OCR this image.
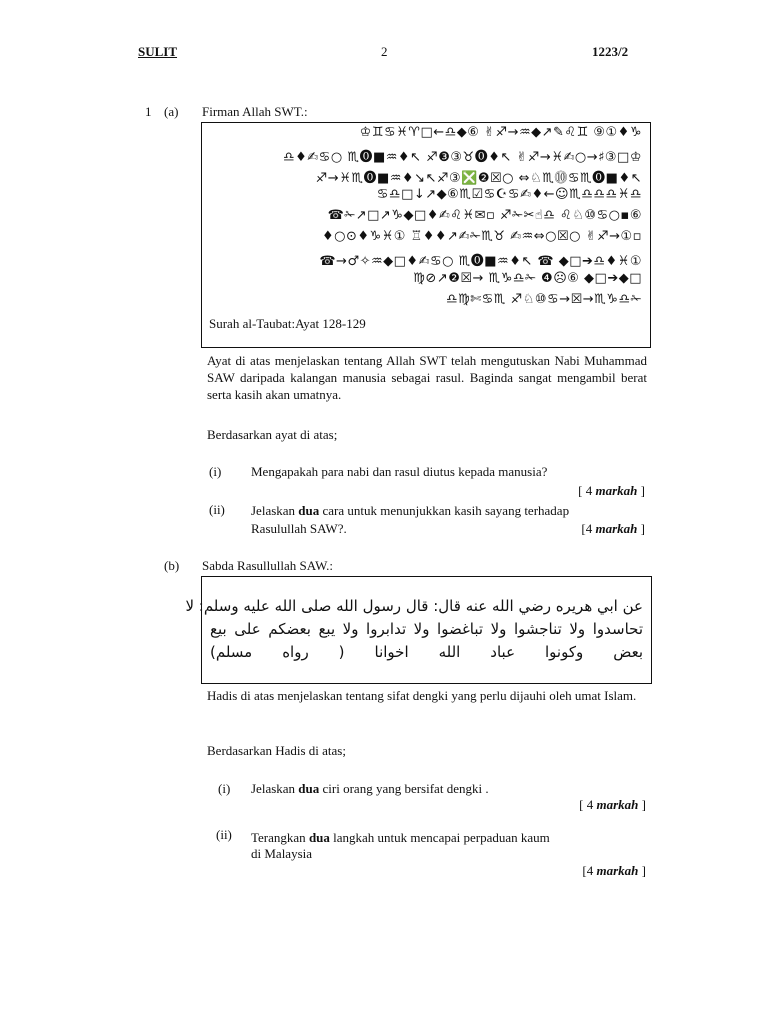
SULIT	2	1223/2
1 (a) Firman Allah SWT.:
♔♊♋♓♈□←♎◆⑥ ✌♐→♒◆↗✎♌♊ ⑨①♦♑
♎♦✍♋○ ♏⓿■♒♦↖ ♐❸③♉⓿♦↖ ✌♐→♓✍○→♯③□♔
♐→♓♏⓿■♒♦↘↖♐③❎❷☒○ ⇔♘♏⓾♋♏⓿■♦↖
♋♎□↓↗◆⑥♏☑♋☪♋✍♦←☺♏♎♎♎♓♎
☎✁↗□↗♑◆□♦✍♌♓✉▫ ♐✁✂☝♎ ♌♘⑩♋○▪⑥
♦○⊙♦♑♓① ♖♦♦↗✍✁♏♉ ✍♒⇔○☒○ ✌♐→①▫
☎→♂✧♒◆□♦✍♋○ ♏⓿■♒♦↖ ☎ ◆□➔♎♦♓①
♍⊘↗❷☒→ ♏♑♎✁ ❹☹⑥ ◆□➔◆□
♎♍✄♋♏ ♐♘⑩♋→☒→♏♑♎✁
Surah al-Taubat:Ayat 128-129
Ayat di atas menjelaskan tentang Allah SWT telah mengutuskan Nabi Muhammad SAW daripada kalangan manusia sebagai rasul. Baginda sangat mengambil berat serta kasih akan umatnya.
Berdasarkan ayat di atas;
(i) Mengapakah para nabi dan rasul diutus kepada manusia?
[ 4 markah ]
(ii) Jelaskan dua cara untuk menunjukkan kasih sayang terhadap
Rasulullah SAW?.	[4 markah ]
(b) Sabda Rasullullah SAW.:
عن ابي هريره رضي الله عنه قال: قال رسول الله صلى الله عليه وسلم: لا
تحاسدوا ولا تناجشوا ولا تباغضوا ولا تدابروا ولا يبع بعضكم على بيع
بعض وكونوا عباد الله اخوانا ( رواه مسلم)
Hadis di atas menjelaskan tentang sifat dengki yang perlu dijauhi oleh umat Islam.
Berdasarkan Hadis di atas;
(i) Jelaskan dua ciri orang yang bersifat dengki .
[ 4 markah ]
(ii) Terangkan dua langkah untuk mencapai perpaduan kaum
di Malaysia
[4 markah ]
